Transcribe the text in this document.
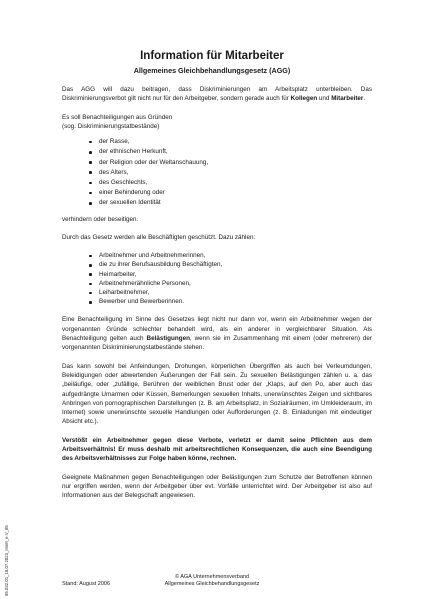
Information für Mitarbeiter
Allgemeines Gleichbehandlungsgesetz (AGG)

Das AGG will dazu beitragen, dass Diskriminierungen am Arbeitsplatz unterbleiben. Das Diskriminierungsverbot gilt nicht nur für den Arbeitgeber, sondern gerade auch für Kollegen und Mitarbeiter.

Es soll Benachteiligungen aus Gründen

(sog. Diskriminierungstatbestände)

der Rasse,
der ethnischen Herkunft,
der Religion oder der Weltanschauung,
des Alters,
des Geschlechts,
einer Behinderung oder
der sexuellen Identität

verhindern oder beseitigen.

Durch das Gesetz werden alle Beschäftigten geschützt. Dazu zählen:

Arbeitnehmer und Arbeitnehmerinnen,
die zu ihrer Berufsausbildung Beschäftigten,
Heimarbeiter,
Arbeitnehmerähnliche Personen,
Leiharbeitnehmer,
Bewerber und Bewerberinnen.

Eine Benachteiligung im Sinne des Gesetzes liegt nicht nur dann vor, wenn ein Arbeitnehmer wegen der vorgenannten Gründe schlechter behandelt wird, als ein anderer in vergleichbarer Situation. Als Benachteiligung gelten auch Belästigungen, wenn sie im Zusammenhang mit einem (oder mehreren) der vorgenannten Diskriminierungstatbestände stehen.

Das kann sowohl bei Anfeindungen, Drohungen, körperlichen Übergriffen als auch bei Verleumdungen, Beleidigungen oder abwertenden Äußerungen der Fall sein. Zu sexuellen Belästigungen zählen u. a. das „beiläufige, oder „zufällige, Berühren der weiblichen Brust oder der „Klaps, auf den Po, aber auch das aufgedrängte Umarmen oder Küssen, Bemerkungen sexuellen Inhalts, unerwünschtes Zeigen und sichtbares Anbringen von pornographischen Darstellungen (z. B. am Arbeitsplatz, in Sozialräumen, im Umkleideraum, im Internet) sowie unerwünschte sexuelle Handlungen oder Aufforderungen (z. B. Einladungen mit eindeutiger Absicht etc.).

Verstößt ein Arbeitnehmer gegen diese Verbote, verletzt er damit seine Pflichten aus dem Arbeitsverhältnis! Er muss deshalb mit arbeitsrechtlichen Konsequenzen, die auch eine Beendigung des Arbeitsverhältnisses zur Folge haben könne, rechnen.

Geeignete Maßnahmen gegen Benachteiligungen oder Belästigungen zum Schutze der Betroffenen können nur ergriffen werden, wenn der Arbeitgeber über evt. Vorfälle unterrichtet wird. Der Arbeitgeber ist also auf Informationen aus der Belegschaft angewiesen.

65.032.01_18.07.2023_Inset_e.V_85	Stand: August 2006
© AGA Unternehmensverband
Allgemeines Gleichbehandlungsgesetz
